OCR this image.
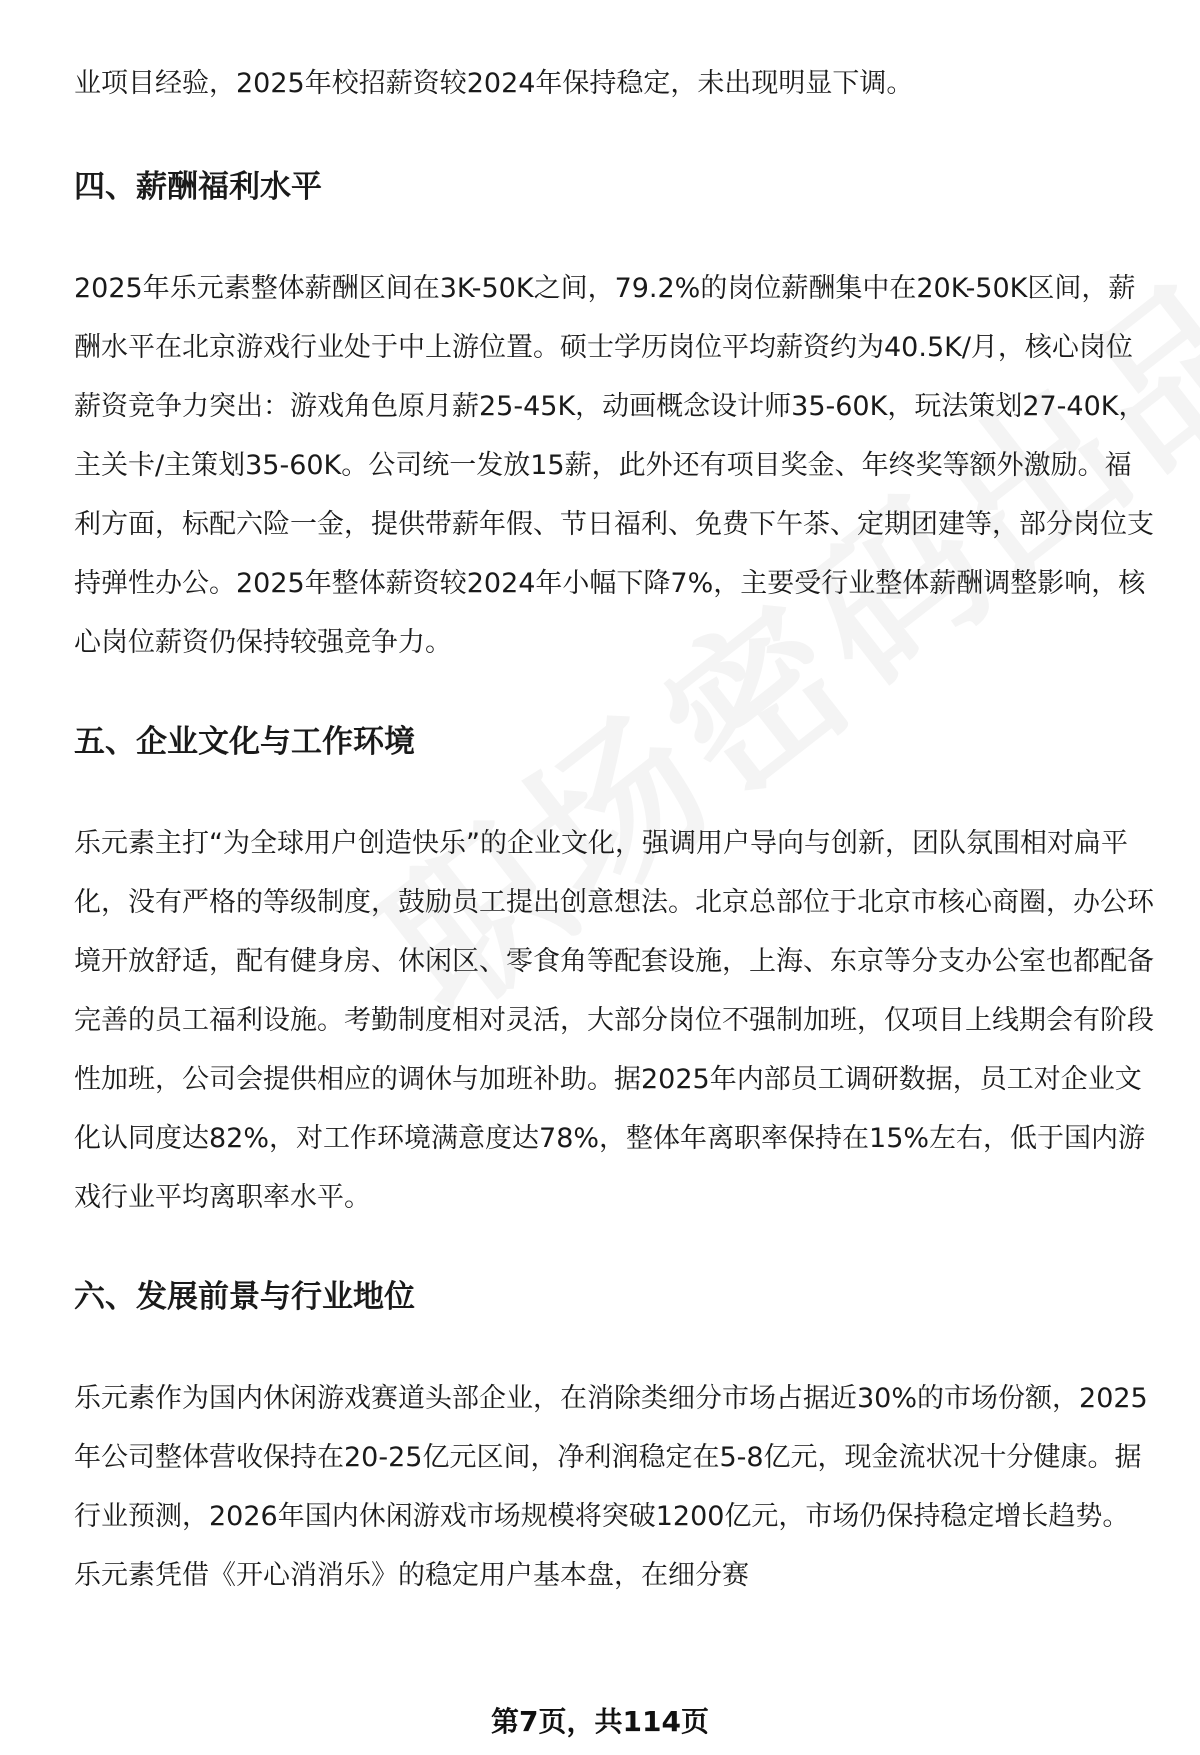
业项目经验，2025年校招薪资较2024年保持稳定，未出现明显下调。

四、薪酬福利水平

2025年乐元素整体薪酬区间在3K-50K之间，79.2%的岗位薪酬集中在20K-50K区间，薪酬水平在北京游戏行业处于中上游位置。硕士学历岗位平均薪资约为40.5K/月，核心岗位薪资竞争力突出：游戏角色原月薪25-45K，动画概念设计师35-60K，玩法策划27-40K，主关卡/主策划35-60K。公司统一发放15薪，此外还有项目奖金、年终奖等额外激励。福利方面，标配六险一金，提供带薪年假、节日福利、免费下午茶、定期团建等，部分岗位支持弹性办公。2025年整体薪资较2024年小幅下降7%，主要受行业整体薪酬调整影响，核心岗位薪资仍保持较强竞争力。

五、企业文化与工作环境

乐元素主打“为全球用户创造快乐”的企业文化，强调用户导向与创新，团队氛围相对扁平化，没有严格的等级制度，鼓励员工提出创意想法。北京总部位于北京市核心商圈，办公环境开放舒适，配有健身房、休闲区、零食角等配套设施，上海、东京等分支办公室也都配备完善的员工福利设施。考勤制度相对灵活，大部分岗位不强制加班，仅项目上线期会有阶段性加班，公司会提供相应的调休与加班补助。据2025年内部员工调研数据，员工对企业文化认同度达82%，对工作环境满意度达78%，整体年离职率保持在15%左右，低于国内游戏行业平均离职率水平。

六、发展前景与行业地位

乐元素作为国内休闲游戏赛道头部企业，在消除类细分市场占据近30%的市场份额，2025年公司整体营收保持在20-25亿元区间，净利润稳定在5-8亿元，现金流状况十分健康。据行业预测，2026年国内休闲游戏市场规模将突破1200亿元，市场仍保持稳定增长趋势。乐元素凭借《开心消消乐》的稳定用户基本盘，在细分赛

第7页，共114页
